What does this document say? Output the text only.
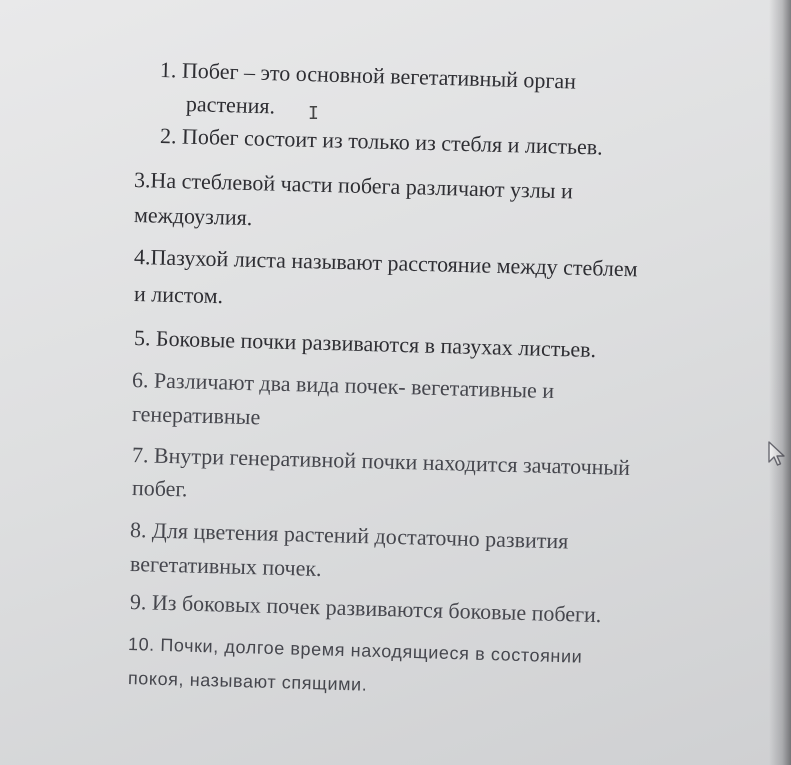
1. Побег – это основной вегетативный орган
растения.
2. Побег состоит из только из стебля и листьев.
3.На стеблевой части побега различают узлы и
междоузлия.
4.Пазухой листа называют расстояние между стеблем
и листом.
5. Боковые почки развиваются в пазухах листьев.
6. Различают два вида почек- вегетативные и
генеративные
7. Внутри генеративной почки находится зачаточный
побег.
8. Для цветения растений достаточно развития
вегетативных почек.
9. Из боковых почек развиваются боковые побеги.
10. Почки, долгое время находящиеся в состоянии
покоя, называют спящими.
I
